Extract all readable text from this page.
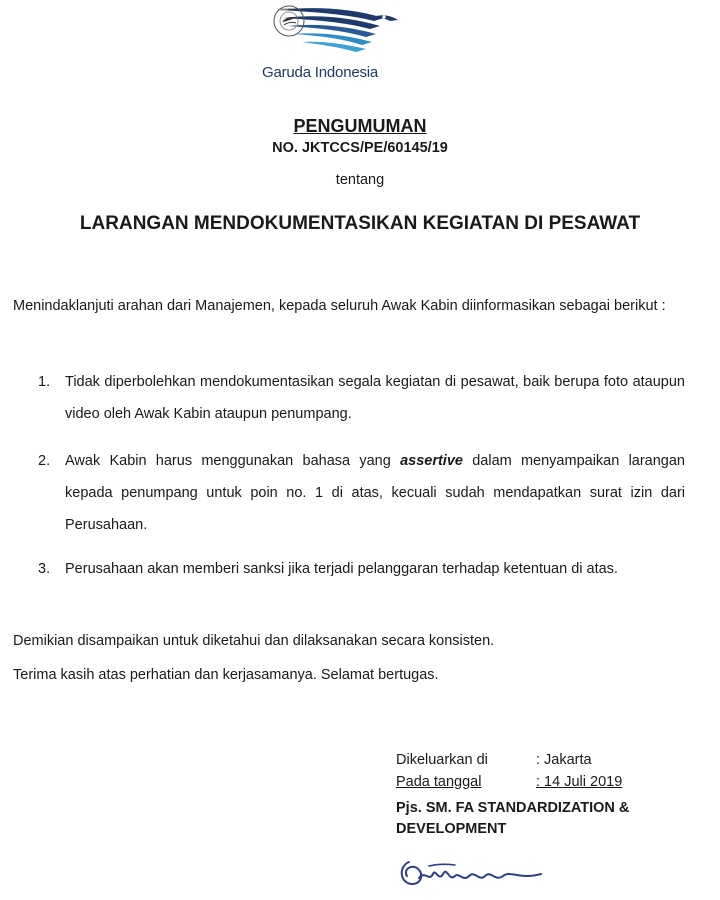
Garuda Indonesia
SKYTEAM
PENGUMUMAN
NO. JKTCCS/PE/60145/19
tentang
LARANGAN MENDOKUMENTASIKAN KEGIATAN DI PESAWAT
Menindaklanjuti arahan dari Manajemen, kepada seluruh Awak Kabin diinformasikan sebagai berikut :
1.	Tidak diperbolehkan mendokumentasikan segala kegiatan di pesawat, baik berupa foto ataupun video oleh Awak Kabin ataupun penumpang.
2.	Awak Kabin harus menggunakan bahasa yang assertive dalam menyampaikan larangan kepada penumpang untuk poin no. 1 di atas, kecuali sudah mendapatkan surat izin dari Perusahaan.
3.	Perusahaan akan memberi sanksi jika terjadi pelanggaran terhadap ketentuan di atas.
Demikian disampaikan untuk diketahui dan dilaksanakan secara konsisten.
Terima kasih atas perhatian dan kerjasamanya. Selamat bertugas.
Dikeluarkan di	: Jakarta
Pada tanggal	: 14 Juli 2019
Pjs. SM. FA STANDARDIZATION & DEVELOPMENT
